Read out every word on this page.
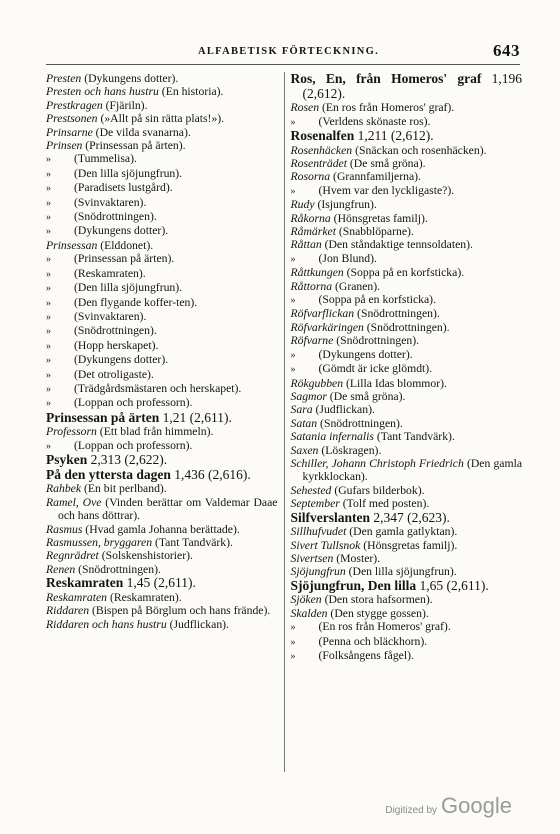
ALFABETISK FÖRTECKNING.	643

Presten (Dykungens dotter).

Presten och hans hustru (En historia).

Prestkragen (Fjäriln).

Prestsonen (»Allt på sin rätta plats!»).

Prinsarne (De vilda svanarna).

Prinsen (Prinsessan på ärten).

» (Tummelisa).

» (Den lilla sjöjungfrun).

» (Paradisets lustgård).

» (Svinvaktaren).

» (Snödrottningen).

» (Dykungens dotter).

Prinsessan (Elddonet).

» (Prinsessan på ärten).

» (Reskamraten).

» (Den lilla sjöjungfrun).

» (Den flygande koffer-ten).

» (Svinvaktaren).

» (Snödrottningen).

» (Hopp herskapet).

» (Dykungens dotter).

» (Det otroligaste).

» (Trädgårdsmästaren och herskapet).

» (Loppan och professorn).

Prinsessan på ärten 1,21 (2,611).

Professorn (Ett blad från himmeln).

» (Loppan och professorn).

Psyken 2,313 (2,622).

På den yttersta dagen 1,436 (2,616).

Rahbek (En bit perlband).

Ramel, Ove (Vinden berättar om Valdemar Daae och hans döttrar).

Rasmus (Hvad gamla Johanna berättade).

Rasmussen, bryggaren (Tant Tandvärk).

Regnrädret (Solskenshistorier).

Renen (Snödrottningen).

Reskamraten 1,45 (2,611).

Reskamraten (Reskamraten).

Riddaren (Bispen på Börglum och hans frände).

Riddaren och hans hustru (Judflickan).

Ros, En, från Homeros' graf 1,196 (2,612).

Rosen (En ros från Homeros' graf).

» (Verldens skönaste ros).

Rosenalfen 1,211 (2,612).

Rosenhäcken (Snäckan och rosenhäcken).

Rosenträdet (De små gröna).

Rosorna (Grannfamiljerna).

» (Hvem var den lyckligaste?).

Rudy (Isjungfrun).

Råkorna (Hönsgretas familj).

Råmärket (Snabblöparne).

Råttan (Den ståndaktige tennsoldaten).

» (Jon Blund).

Råttkungen (Soppa på en korfsticka).

Råttorna (Granen).

» (Soppa på en korfsticka).

Röfvarflickan (Snödrottningen).

Röfvarkäringen (Snödrottningen).

Röfvarne (Snödrottningen).

» (Dykungens dotter).

» (Gömdt är icke glömdt).

Rökgubben (Lilla Idas blommor).

Sagmor (De små gröna).

Sara (Judflickan).

Satan (Snödrottningen).

Satania infernalis (Tant Tandvärk).

Saxen (Löskragen).

Schiller, Johann Christoph Friedrich (Den gamla kyrkklockan).

Sehested (Gufars bilderbok).

September (Tolf med posten).

Silfverslanten 2,347 (2,623).

Sillhufvudet (Den gamla gatlyktan).

Sivert Tullsnok (Hönsgretas familj).

Sivertsen (Moster).

Sjöjungfrun (Den lilla sjöjungfrun).

Sjöjungfrun, Den lilla 1,65 (2,611).

Sjöken (Den stora hafsormen).

Skalden (Den stygge gossen).

» (En ros från Homeros' graf).

» (Penna och bläckhorn).

» (Folksångens fågel).

Digitized by Google
